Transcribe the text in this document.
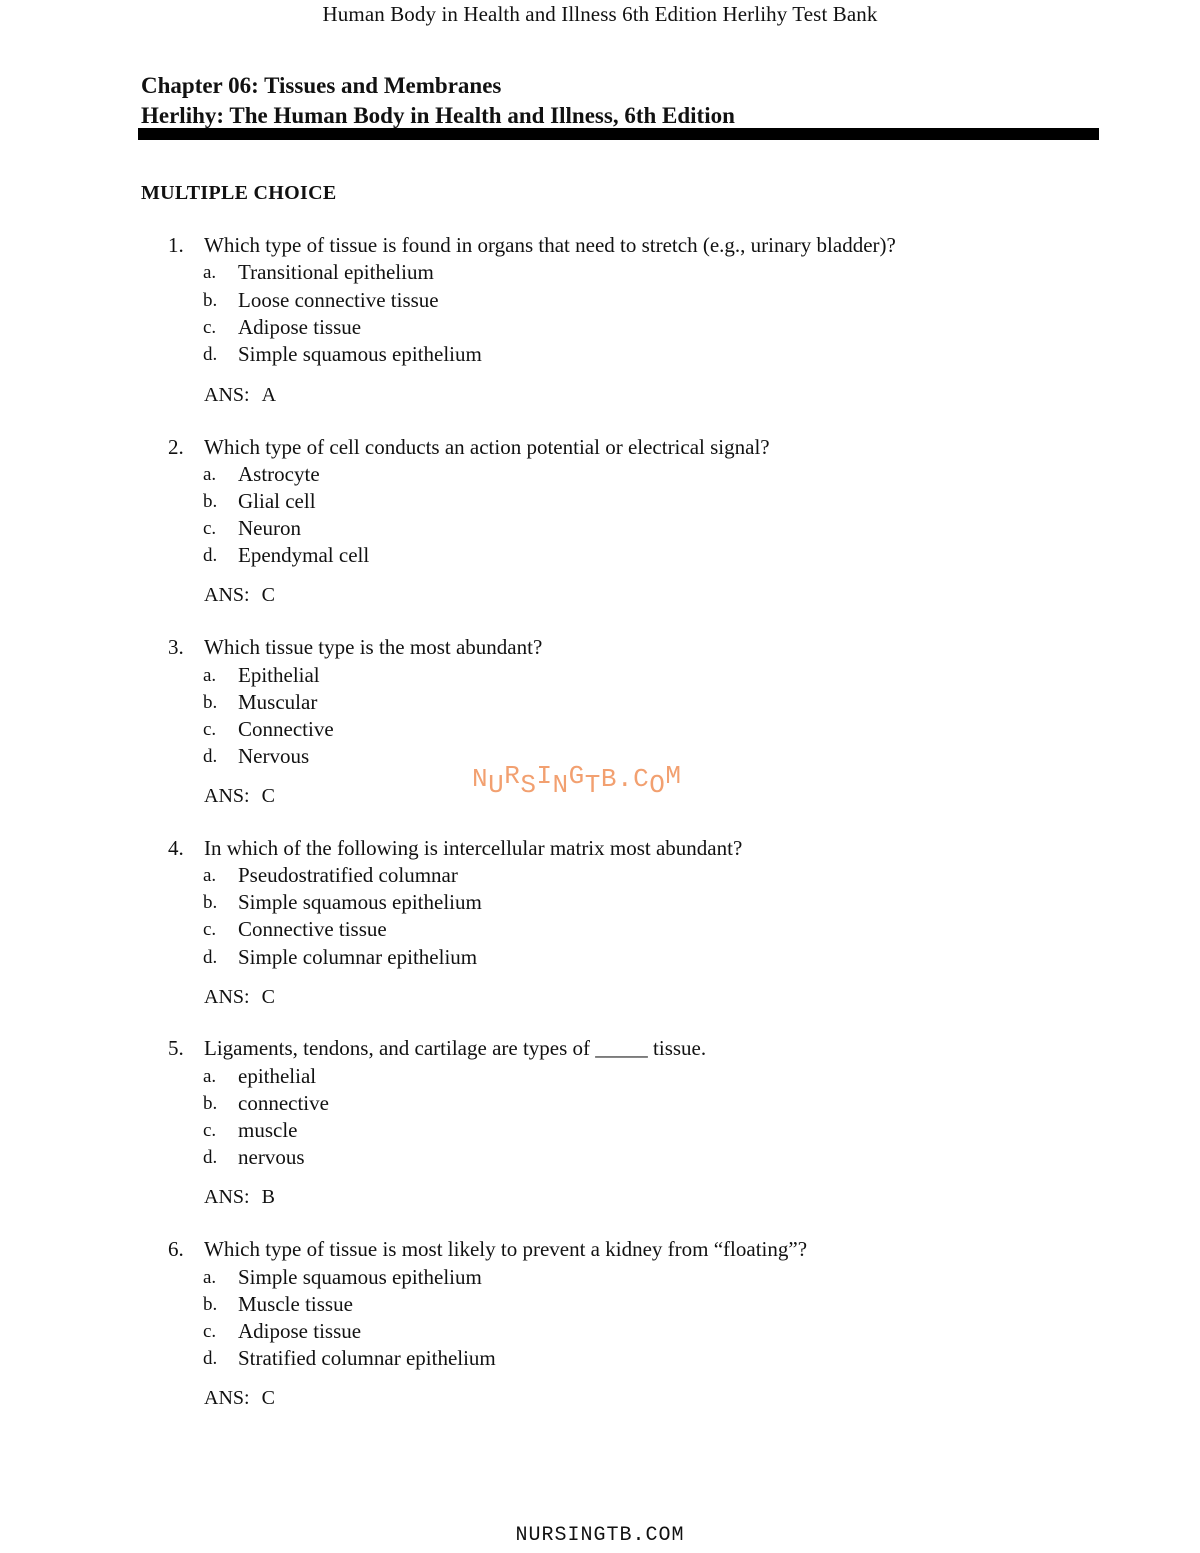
Human Body in Health and Illness 6th Edition Herlihy Test Bank

Chapter 06: Tissues and Membranes

Herlihy: The Human Body in Health and Illness, 6th Edition

MULTIPLE CHOICE
1. Which type of tissue is found in organs that need to stretch (e.g., urinary bladder)?
a. Transitional epithelium
b. Loose connective tissue
c. Adipose tissue
d. Simple squamous epithelium
ANS: A
2. Which type of cell conducts an action potential or electrical signal?
a. Astrocyte
b. Glial cell
c. Neuron
d. Ependymal cell
ANS: C
3. Which tissue type is the most abundant?
a. Epithelial
b. Muscular
c. Connective
d. Nervous
ANS: C
4. In which of the following is intercellular matrix most abundant?
a. Pseudostratified columnar
b. Simple squamous epithelium
c. Connective tissue
d. Simple columnar epithelium
ANS: C
5. Ligaments, tendons, and cartilage are types of _____ tissue.
a. epithelial
b. connective
c. muscle
d. nervous
ANS: B
6. Which type of tissue is most likely to prevent a kidney from “floating”?
a. Simple squamous epithelium
b. Muscle tissue
c. Adipose tissue
d. Stratified columnar epithelium
ANS: C
NURSINGTB.COM
NURSINGTB.COM
